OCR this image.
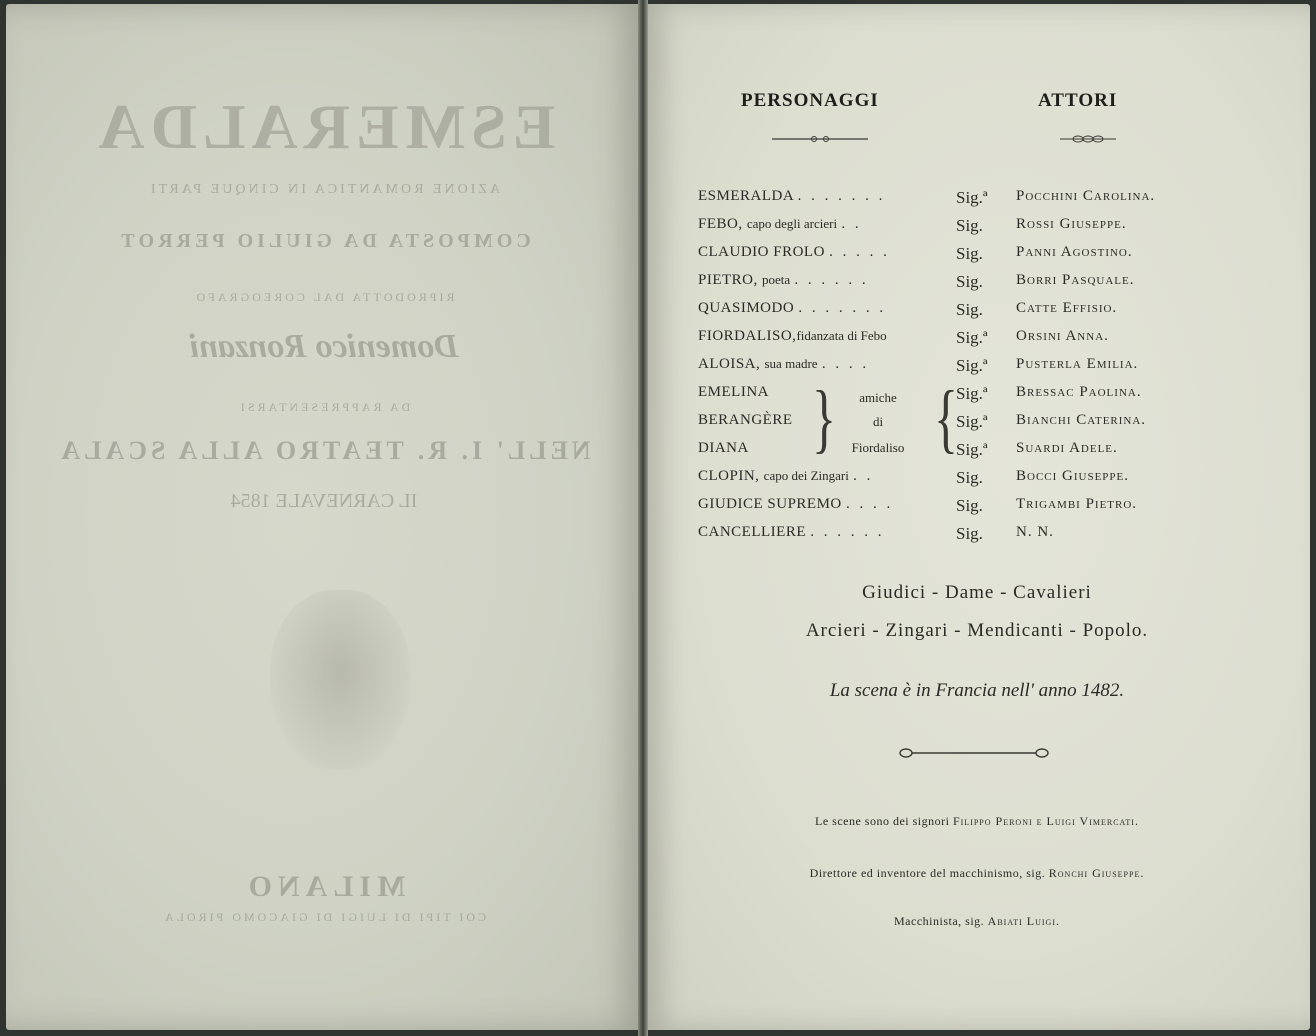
ESMERALDA
AZIONE ROMANTICA IN CINQUE PARTI
COMPOSTA DA GIULIO PERROT
RIPRODOTTA DAL COREOGRAFO
Domenico Ronzani
DA RAPPRESENTARSI
NELL' I. R. TEATRO ALLA SCALA
IL CARNEVALE 1854
MILANO
COI TIPI DI LUIGI DI GIACOMO PIROLA
PERSONAGGI	ATTORI
ESMERALDA . . . . . . .	Sig.ª Pocchini Carolina.
FEBO, capo degli arcieri . .	Sig. Rossi Giuseppe.
CLAUDIO FROLO . . . . .	Sig. Panni Agostino.
PIETRO, poeta . . . . . .	Sig. Borri Pasquale.
QUASIMODO . . . . . . .	Sig. Catte Effisio.
FIORDALISO,fidanzata di Febo	Sig.ª Orsini Anna.
ALOISA, sua madre . . . .	Sig.ª Pusterla Emilia.
EMELINA	Sig.ª Bressac Paolina.
BERANGÈRE	Sig.ª Bianchi Caterina.
DIANA	Sig.ª Suardi Adele.
CLOPIN, capo dei Zingari . .	Sig. Bocci Giuseppe.
GIUDICE SUPREMO . . . .	Sig. Trigambi Pietro.
CANCELLIERE . . . . . .	Sig. N. N.
} {
amiche
di
Fiordaliso
Giudici - Dame - Cavalieri
Arcieri - Zingari - Mendicanti - Popolo.
La scena è in Francia nell' anno 1482.
Le scene sono dei signori Filippo Peroni e Luigi Vimercati.
Direttore ed inventore del macchinismo, sig. Ronchi Giuseppe.
Macchinista, sig. Abiati Luigi.
